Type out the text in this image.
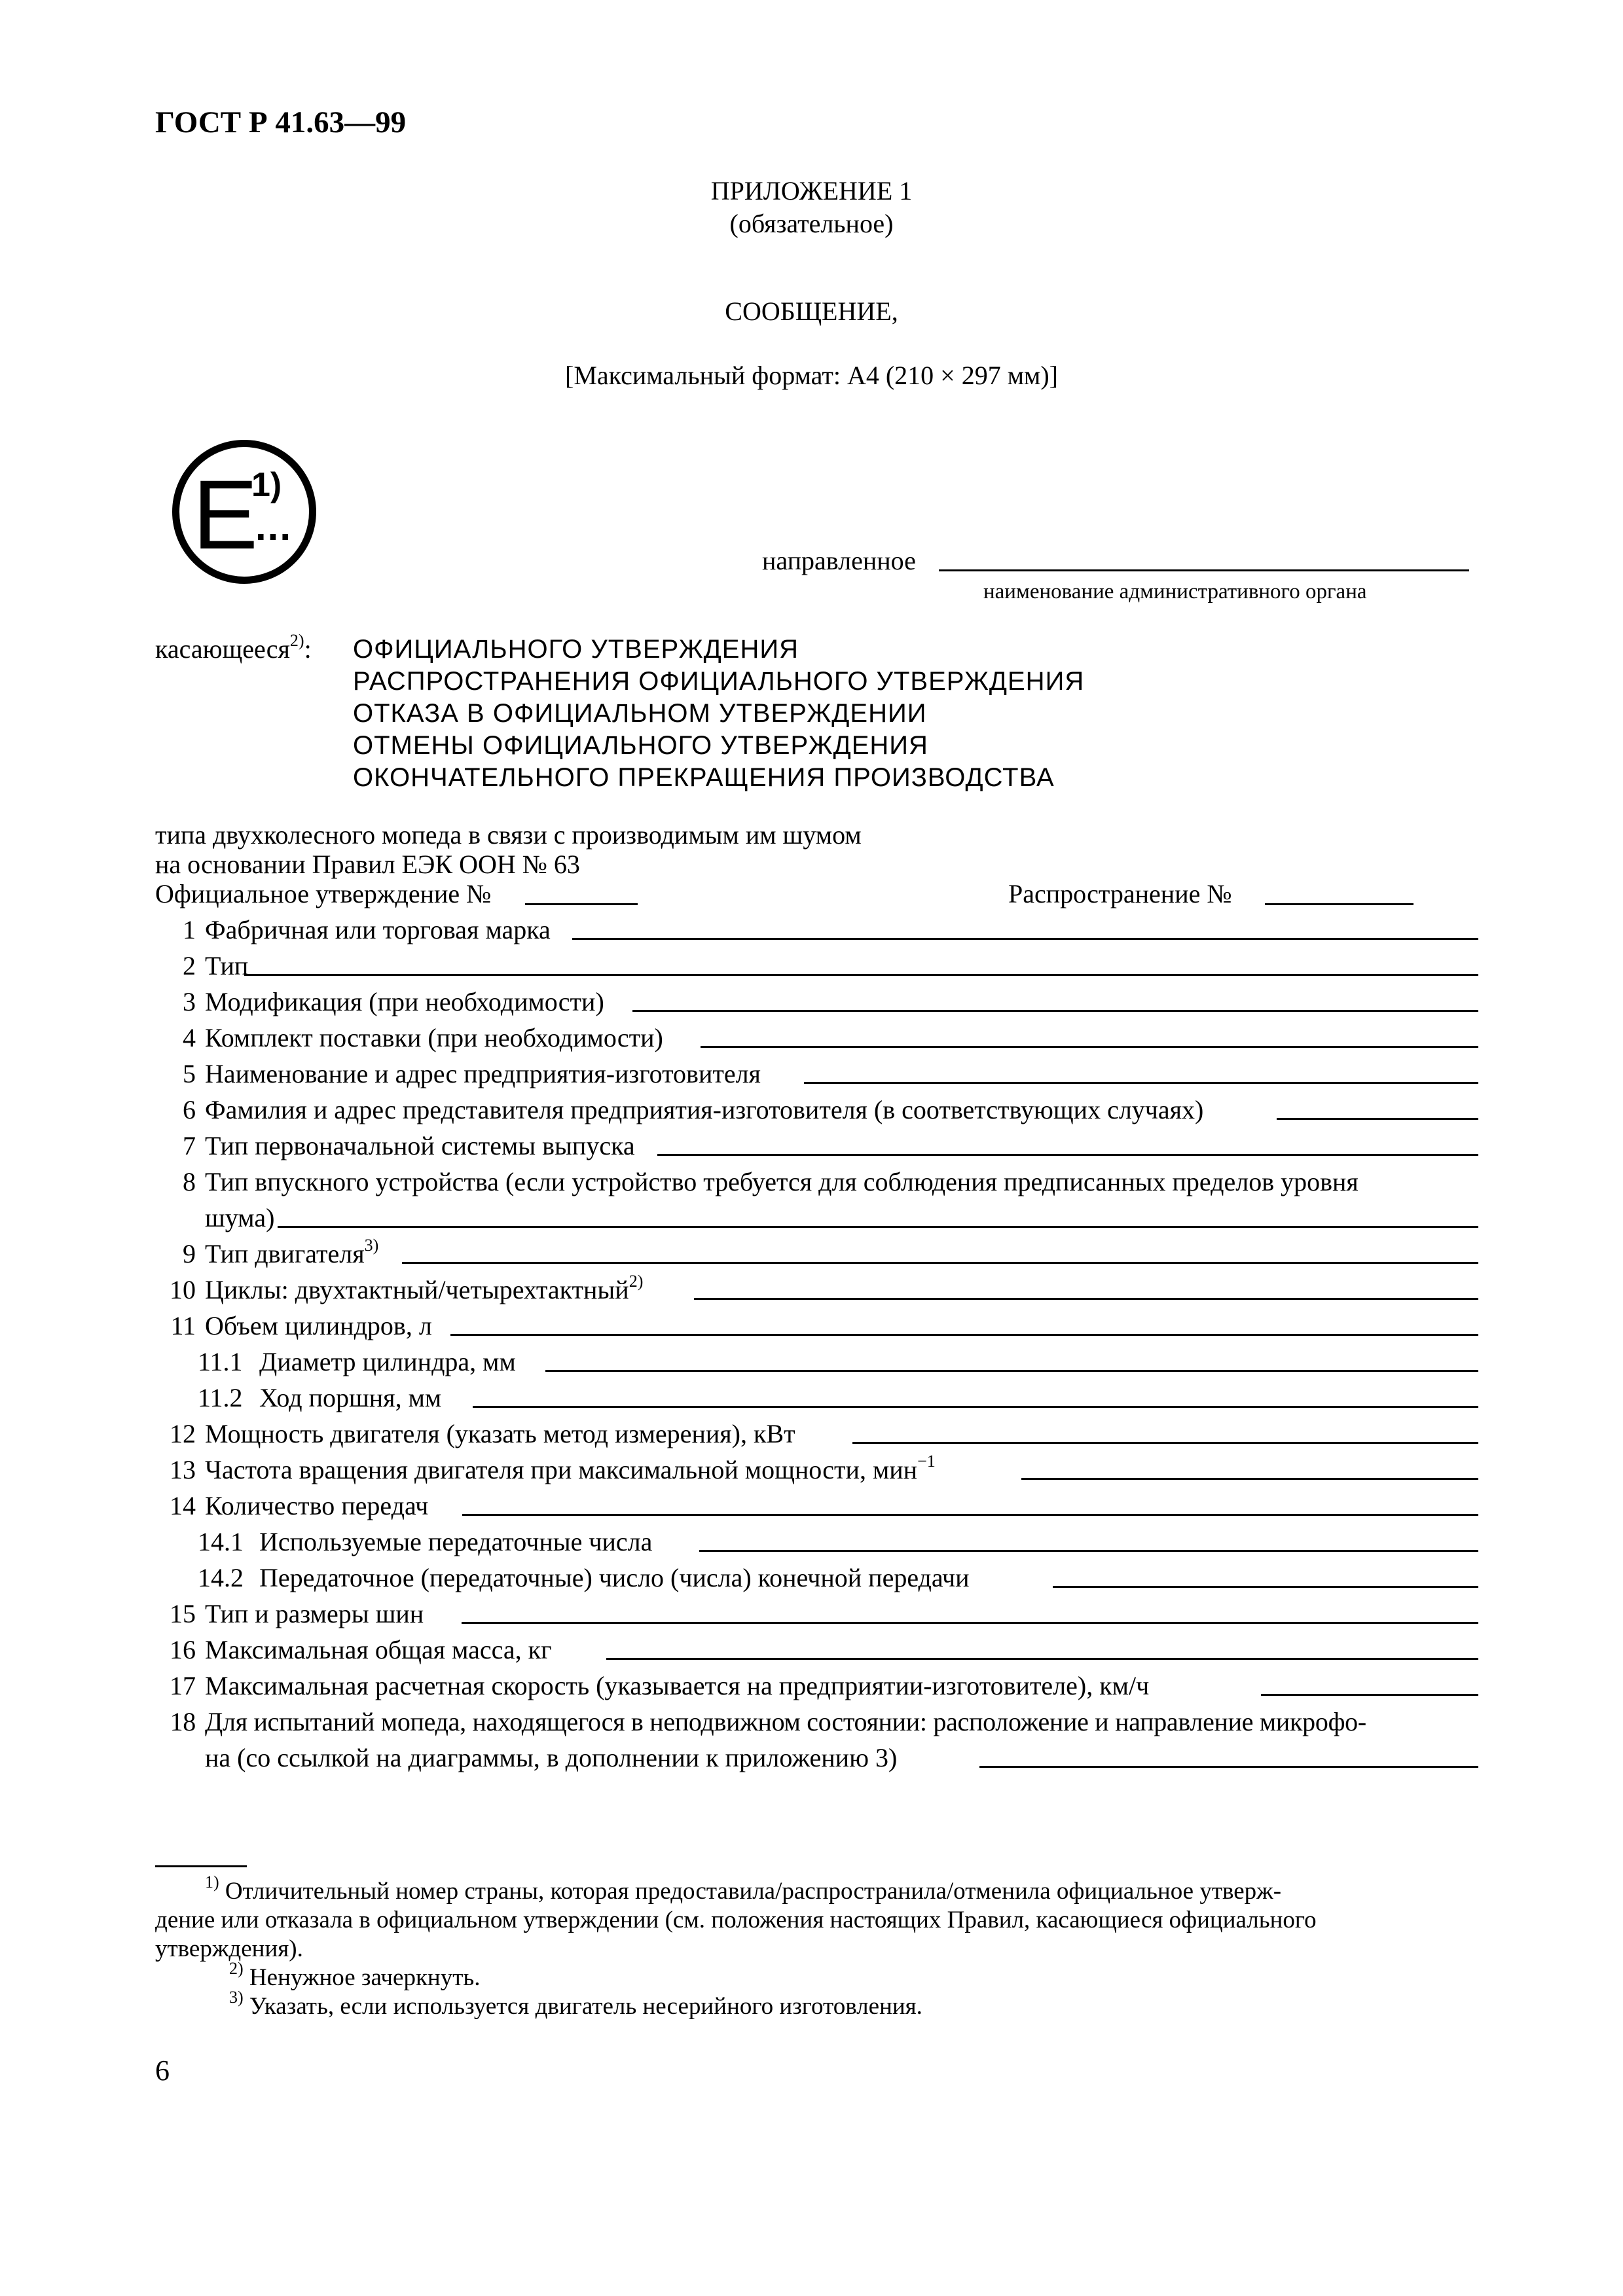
ГОСТ Р 41.63—99
ПРИЛОЖЕНИЕ 1
(обязательное)
СООБЩЕНИЕ,
[Максимальный формат: А4 (210 × 297 мм)]
E
1)
...
направленное
наименование административного органа
касающееся$^{2)}$: ОФИЦИАЛЬНОГО УТВЕРЖДЕНИЯ
РАСПРОСТРАНЕНИЯ ОФИЦИАЛЬНОГО УТВЕРЖДЕНИЯ
ОТКАЗА В ОФИЦИАЛЬНОМ УТВЕРЖДЕНИИ
ОТМЕНЫ ОФИЦИАЛЬНОГО УТВЕРЖДЕНИЯ
ОКОНЧАТЕЛЬНОГО ПРЕКРАЩЕНИЯ ПРОИЗВОДСТВА
типа двухколесного мопеда в связи с производимым им шумом
на основании Правил ЕЭК ООН № 63
Официальное утверждение №	Распространение №
1 Фабричная или торговая марка
2 Тип
3 Модификация (при необходимости)
4 Комплект поставки (при необходимости)
5 Наименование и адрес предприятия-изготовителя
6 Фамилия и адрес представителя предприятия-изготовителя (в соответствующих случаях)
7 Тип первоначальной системы выпуска
8 Тип впускного устройства (если устройство требуется для соблюдения предписанных пределов уровня
шума)
9 Тип двигателя$^{3)}$
10 Циклы: двухтактный/четырехтактный$^{2)}$
11 Объем цилиндров, л
11.1 Диаметр цилиндра, мм
11.2 Ход поршня, мм
12 Мощность двигателя (указать метод измерения), кВт
13 Частота вращения двигателя при максимальной мощности, мин$^{-1}$
14 Количество передач
14.1 Используемые передаточные числа
14.2 Передаточное (передаточные) число (числа) конечной передачи
15 Тип и размеры шин
16 Максимальная общая масса, кг
17 Максимальная расчетная скорость (указывается на предприятии-изготовителе), км/ч
18 Для испытаний мопеда, находящегося в неподвижном состоянии: расположение и направление микрофо-
на (со ссылкой на диаграммы, в дополнении к приложению 3)
$^{1)}$ Отличительный номер страны, которая предоставила/распространила/отменила официальное утверж-
дение или отказала в официальном утверждении (см. положения настоящих Правил, касающиеся официального
утверждения).
$^{2)}$ Ненужное зачеркнуть.
$^{3)}$ Указать, если используется двигатель несерийного изготовления.
6
